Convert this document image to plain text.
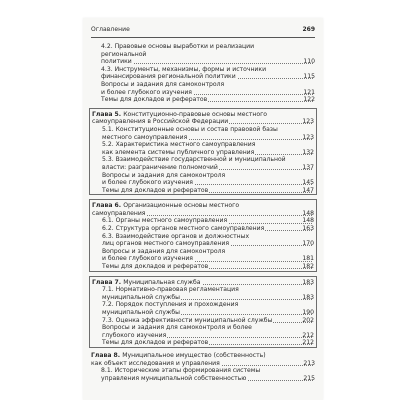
Оглавление	269
4.2. Правовые основы выработки и реализации региональной
политики	110
4.3. Инструменты, механизмы, формы и источники
финансирования региональной политики	115
Вопросы и задания для самоконтроля
и более глубокого изучения	121
Темы для докладов и рефератов	122
Глава 5. Конституционно-правовые основы местного
самоуправления в Российской Федерации	123
5.1. Конституционные основы и состав правовой базы
местного самоуправления	123
5.2. Характеристика местного самоуправления
как элемента системы публичного управления	132
5.3. Взаимодействие государственной и муниципальной
власти: разграничение полномочий	137
Вопросы и задания для самоконтроля
и более глубокого изучения	145
Темы для докладов и рефератов	147
Глава 6. Организационные основы местного
самоуправления	148
6.1. Органы местного самоуправления	148
6.2. Структура органов местного самоуправления	163
6.3. Взаимодействие органов и должностных
лиц органов местного самоуправления	170
Вопросы и задания для самоконтроля
и более глубокого изучения	181
Темы для докладов и рефератов	182
Глава 7. Муниципальная служба	183
7.1. Нормативно-правовая регламентация
муниципальной службы	183
7.2. Порядок поступления и прохождения
муниципальной службы	190
7.3. Оценка эффективности муниципальной службы	202
Вопросы и задания для самоконтроля и более
глубокого изучения	212
Темы для докладов и рефератов	212
Глава 8. Муниципальное имущество (собственность)
как объект исследования и управления	213
8.1. Исторические этапы формирования системы
управления муниципальной собственностью	215
